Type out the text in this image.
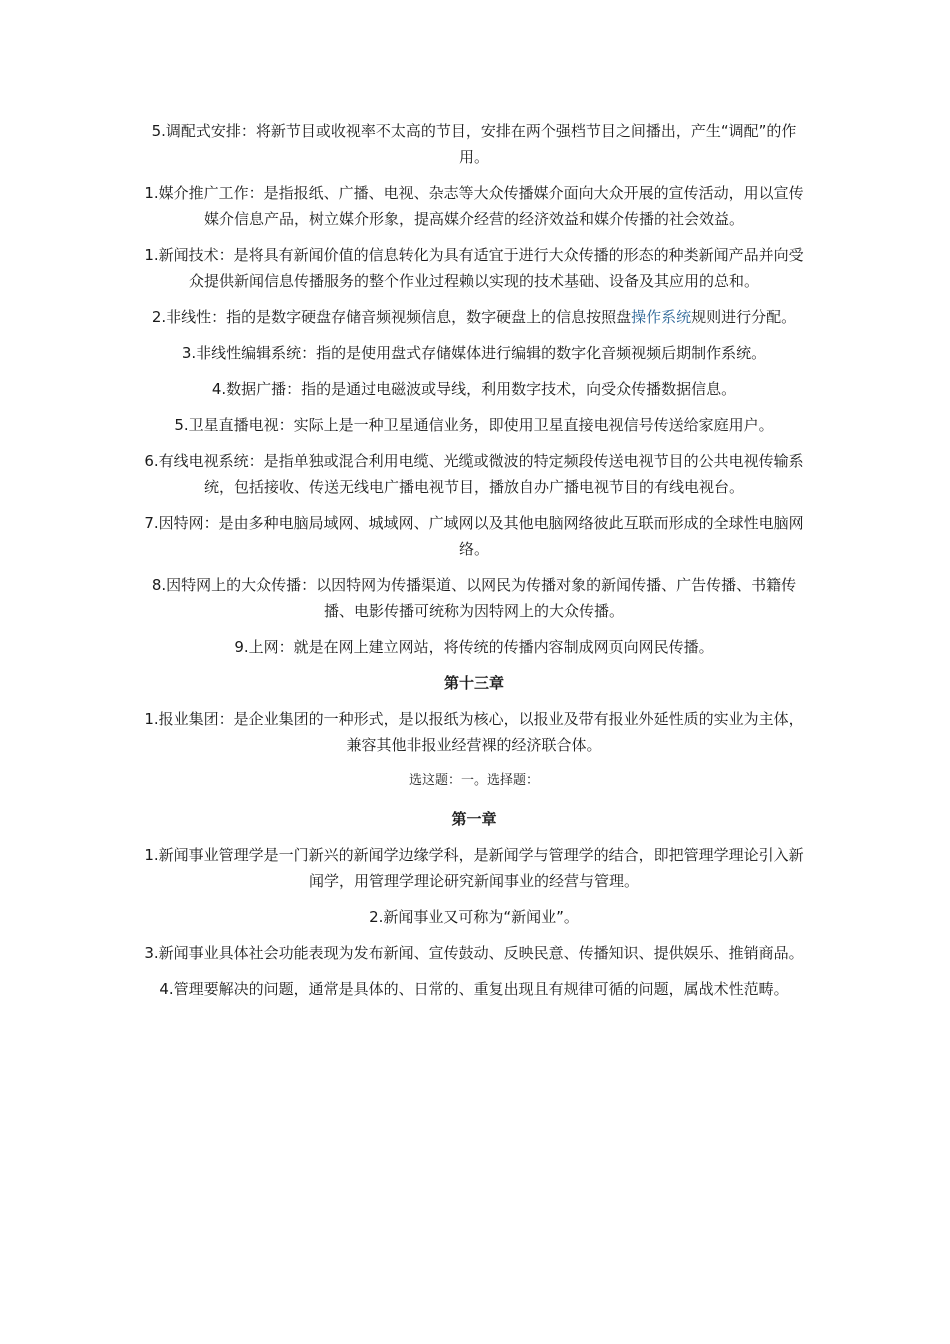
5.调配式安排：将新节目或收视率不太高的节目，安排在两个强档节目之间播出，产生“调配”的作用。

1.媒介推广工作：是指报纸、广播、电视、杂志等大众传播媒介面向大众开展的宣传活动，用以宣传媒介信息产品，树立媒介形象，提高媒介经营的经济效益和媒介传播的社会效益。

1.新闻技术：是将具有新闻价值的信息转化为具有适宜于进行大众传播的形态的种类新闻产品并向受众提供新闻信息传播服务的整个作业过程赖以实现的技术基础、设备及其应用的总和。

2.非线性：指的是数字硬盘存储音频视频信息，数字硬盘上的信息按照盘操作系统规则进行分配。

3.非线性编辑系统：指的是使用盘式存储媒体进行编辑的数字化音频视频后期制作系统。

4.数据广播：指的是通过电磁波或导线，利用数字技术，向受众传播数据信息。

5.卫星直播电视：实际上是一种卫星通信业务，即使用卫星直接电视信号传送给家庭用户。

6.有线电视系统：是指单独或混合利用电缆、光缆或微波的特定频段传送电视节目的公共电视传输系统，包括接收、传送无线电广播电视节目，播放自办广播电视节目的有线电视台。

7.因特网：是由多种电脑局域网、城域网、广域网以及其他电脑网络彼此互联而形成的全球性电脑网络。

8.因特网上的大众传播：以因特网为传播渠道、以网民为传播对象的新闻传播、广告传播、书籍传播、电影传播可统称为因特网上的大众传播。

9.上网：就是在网上建立网站，将传统的传播内容制成网页向网民传播。

第十三章

1.报业集团：是企业集团的一种形式，是以报纸为核心，以报业及带有报业外延性质的实业为主体，兼容其他非报业经营裸的经济联合体。

选这题：一。选择题：

第一章

1.新闻事业管理学是一门新兴的新闻学边缘学科，是新闻学与管理学的结合，即把管理学理论引入新闻学，用管理学理论研究新闻事业的经营与管理。

2.新闻事业又可称为“新闻业”。

3.新闻事业具体社会功能表现为发布新闻、宣传鼓动、反映民意、传播知识、提供娱乐、推销商品。

4.管理要解决的问题，通常是具体的、日常的、重复出现且有规律可循的问题，属战术性范畴。
